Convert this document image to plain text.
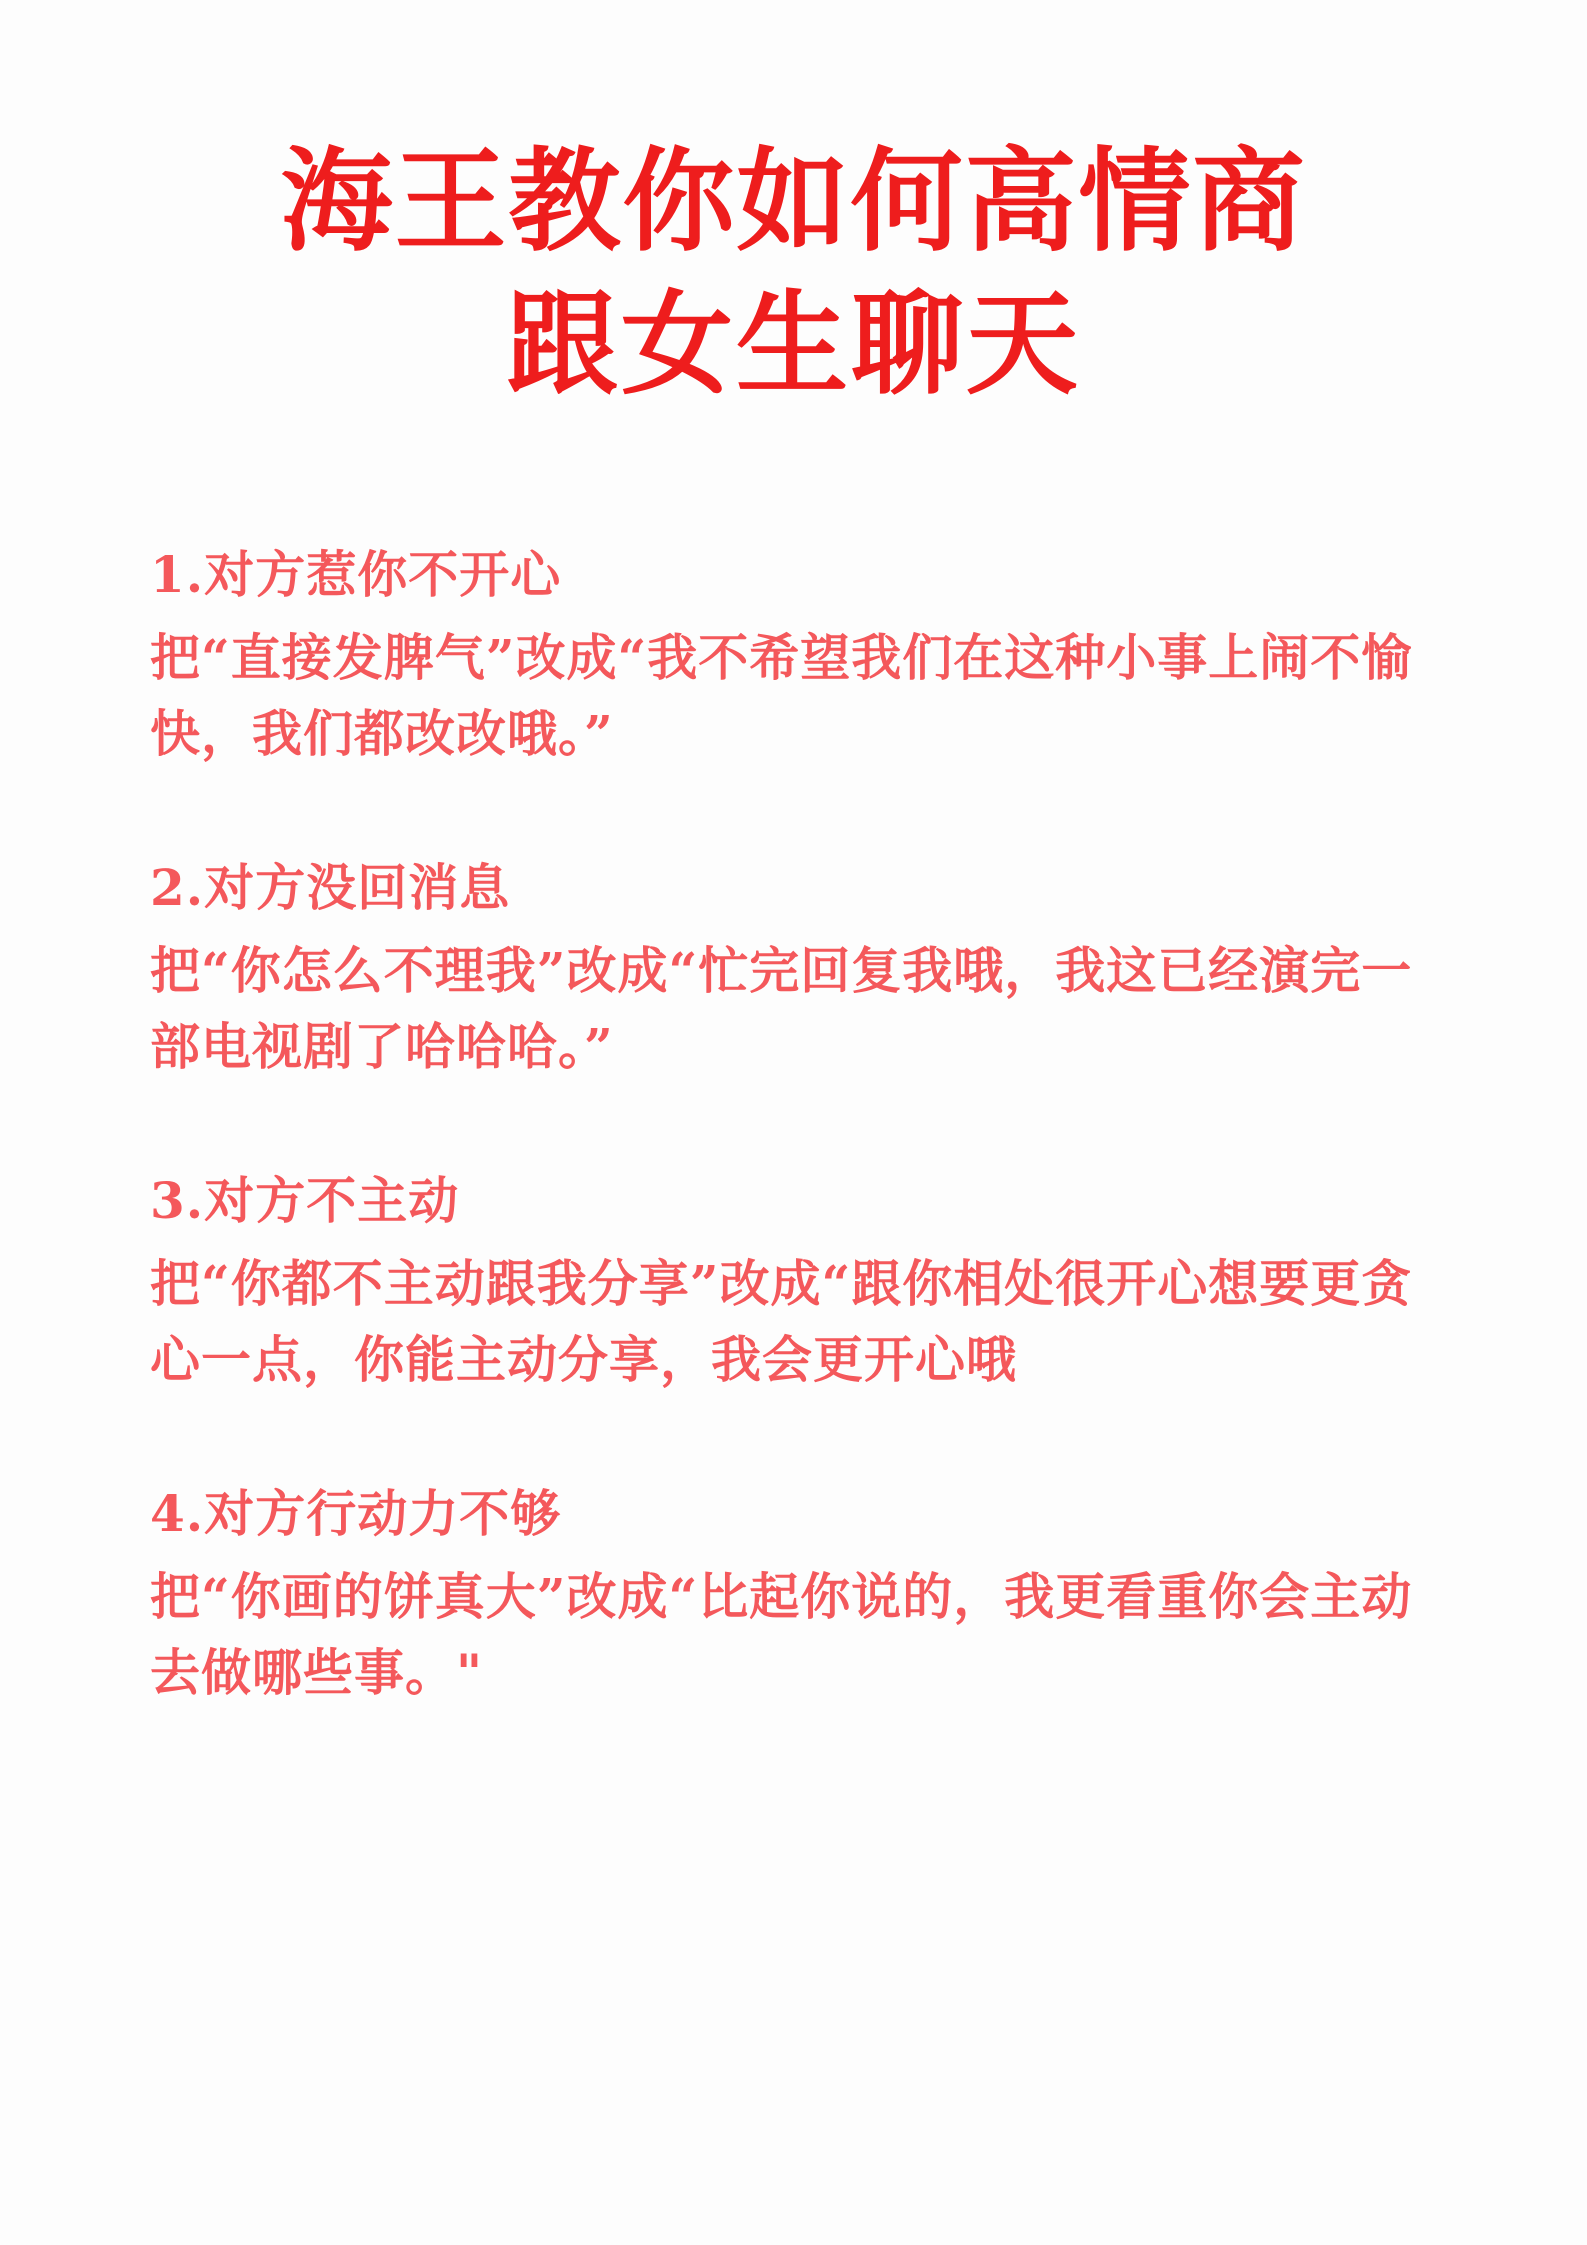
海王教你如何高情商
跟女生聊天
1.对方惹你不开心
把“直接发脾气”改成“我不希望我们在这种小事上闹不愉快，我们都改改哦。”
2.对方没回消息
把“你怎么不理我”改成“忙完回复我哦，我这已经演完一部电视剧了哈哈哈。”
3.对方不主动
把“你都不主动跟我分享”改成“跟你相处很开心想要更贪心一点，你能主动分享，我会更开心哦
4.对方行动力不够
把“你画的饼真大”改成“比起你说的，我更看重你会主动去做哪些事。"
